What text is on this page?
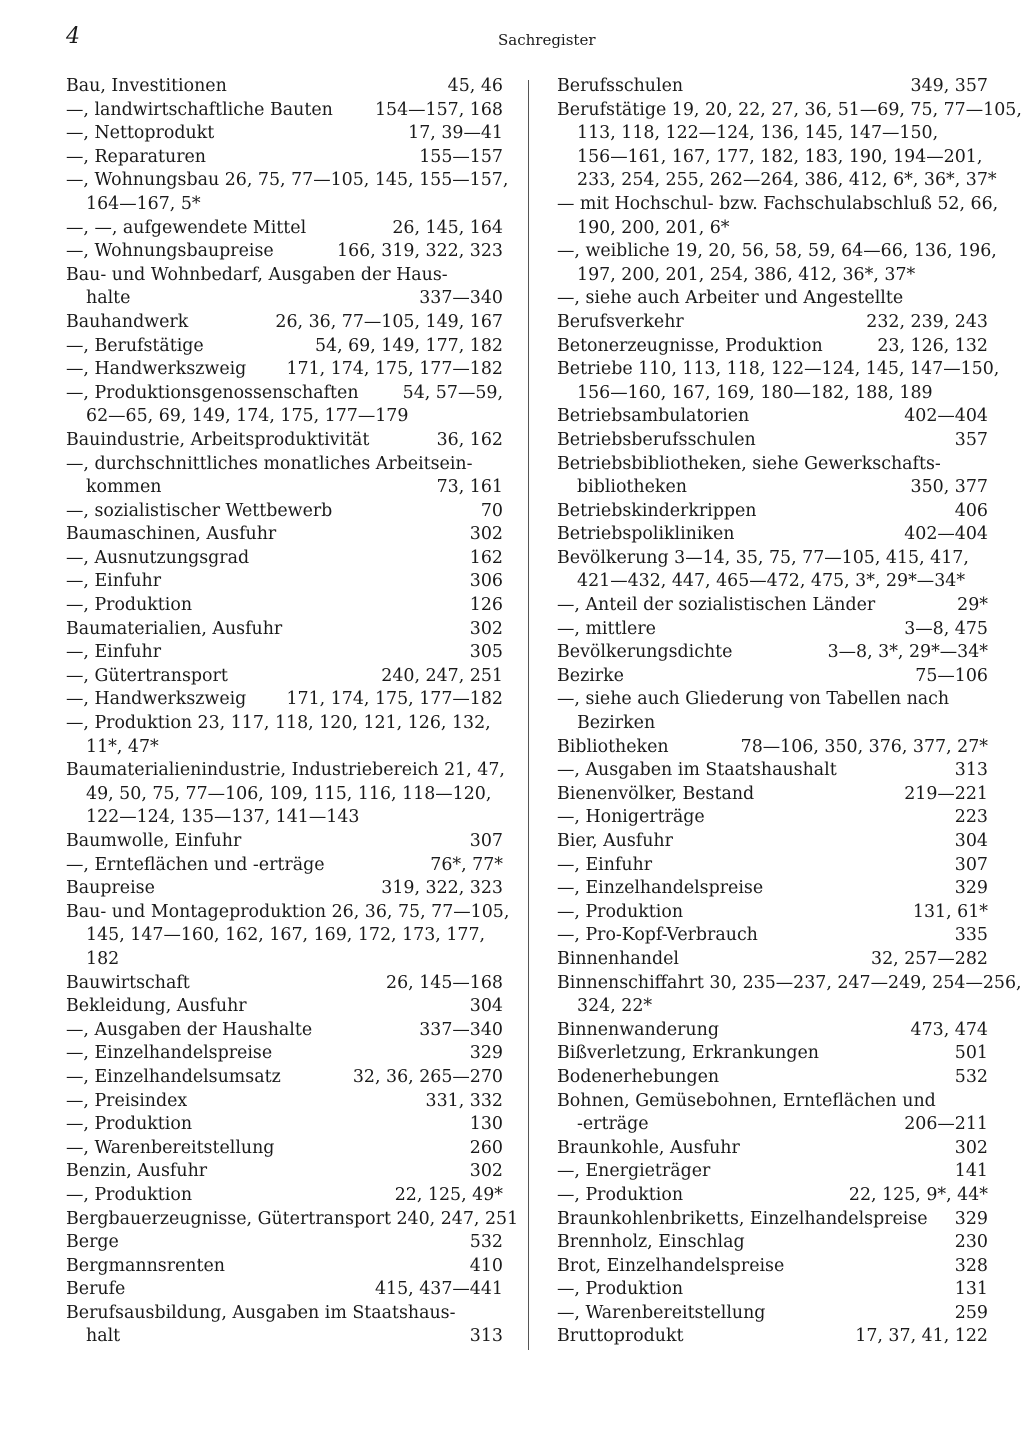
4	Sachregister
Bau, Investitionen	45, 46
—, landwirtschaftliche Bauten 154—157, 168
—, Nettoprodukt	17, 39—41
—, Reparaturen	155—157
—, Wohnungsbau 26, 75, 77—105, 145, 155—157,
164—167, 5*
—, —, aufgewendete Mittel	26, 145, 164
—, Wohnungsbaupreise	166, 319, 322, 323
Bau- und Wohnbedarf, Ausgaben der Haus-
halte	337—340
Bauhandwerk	26, 36, 77—105, 149, 167
—, Berufstätige	54, 69, 149, 177, 182
—, Handwerkszweig 171, 174, 175, 177—182
—, Produktionsgenossenschaften	54, 57—59,
62—65, 69, 149, 174, 175, 177—179
Bauindustrie, Arbeitsproduktivität	36, 162
—, durchschnittliches monatliches Arbeitsein-
kommen	73, 161
—, sozialistischer Wettbewerb	70
Baumaschinen, Ausfuhr	302
—, Ausnutzungsgrad	162
—, Einfuhr	306
—, Produktion	126
Baumaterialien, Ausfuhr	302
—, Einfuhr	305
—, Gütertransport	240, 247, 251
—, Handwerkszweig 171, 174, 175, 177—182
—, Produktion 23, 117, 118, 120, 121, 126, 132,
11*, 47*
Baumaterialienindustrie, Industriebereich 21, 47,
49, 50, 75, 77—106, 109, 115, 116, 118—120,
122—124, 135—137, 141—143
Baumwolle, Einfuhr	307
—, Ernteflächen und -erträge	76*, 77*
Baupreise	319, 322, 323
Bau- und Montageproduktion 26, 36, 75, 77—105,
145, 147—160, 162, 167, 169, 172, 173, 177,
182
Bauwirtschaft	26, 145—168
Bekleidung, Ausfuhr	304
—, Ausgaben der Haushalte	337—340
—, Einzelhandelspreise	329
—, Einzelhandelsumsatz	32, 36, 265—270
—, Preisindex	331, 332
—, Produktion	130
—, Warenbereitstellung	260
Benzin, Ausfuhr	302
—, Produktion	22, 125, 49*
Bergbauerzeugnisse, Gütertransport 240, 247, 251
Berge	532
Bergmannsrenten	410
Berufe	415, 437—441
Berufsausbildung, Ausgaben im Staatshaus-
halt	313
Berufsschulen	349, 357
Berufstätige 19, 20, 22, 27, 36, 51—69, 75, 77—105,
113, 118, 122—124, 136, 145, 147—150,
156—161, 167, 177, 182, 183, 190, 194—201,
233, 254, 255, 262—264, 386, 412, 6*, 36*, 37*
— mit Hochschul- bzw. Fachschulabschluß 52, 66,
190, 200, 201, 6*
—, weibliche 19, 20, 56, 58, 59, 64—66, 136, 196,
197, 200, 201, 254, 386, 412, 36*, 37*
—, siehe auch Arbeiter und Angestellte
Berufsverkehr	232, 239, 243
Betonerzeugnisse, Produktion	23, 126, 132
Betriebe 110, 113, 118, 122—124, 145, 147—150,
156—160, 167, 169, 180—182, 188, 189
Betriebsambulatorien	402—404
Betriebsberufsschulen	357
Betriebsbibliotheken, siehe Gewerkschafts-
bibliotheken	350, 377
Betriebskinderkrippen	406
Betriebspolikliniken	402—404
Bevölkerung 3—14, 35, 75, 77—105, 415, 417,
421—432, 447, 465—472, 475, 3*, 29*—34*
—, Anteil der sozialistischen Länder	29*
—, mittlere	3—8, 475
Bevölkerungsdichte	3—8, 3*, 29*—34*
Bezirke	75—106
—, siehe auch Gliederung von Tabellen nach
Bezirken
Bibliotheken	78—106, 350, 376, 377, 27*
—, Ausgaben im Staatshaushalt	313
Bienenvölker, Bestand	219—221
—, Honigerträge	223
Bier, Ausfuhr	304
—, Einfuhr	307
—, Einzelhandelspreise	329
—, Produktion	131, 61*
—, Pro-Kopf-Verbrauch	335
Binnenhandel	32, 257—282
Binnenschiffahrt 30, 235—237, 247—249, 254—256,
324, 22*
Binnenwanderung	473, 474
Bißverletzung, Erkrankungen	501
Bodenerhebungen	532
Bohnen, Gemüsebohnen, Ernteflächen und
-erträge	206—211
Braunkohle, Ausfuhr	302
—, Energieträger	141
—, Produktion	22, 125, 9*, 44*
Braunkohlenbriketts, Einzelhandelspreise 329
Brennholz, Einschlag	230
Brot, Einzelhandelspreise	328
—, Produktion	131
—, Warenbereitstellung	259
Bruttoprodukt	17, 37, 41, 122
